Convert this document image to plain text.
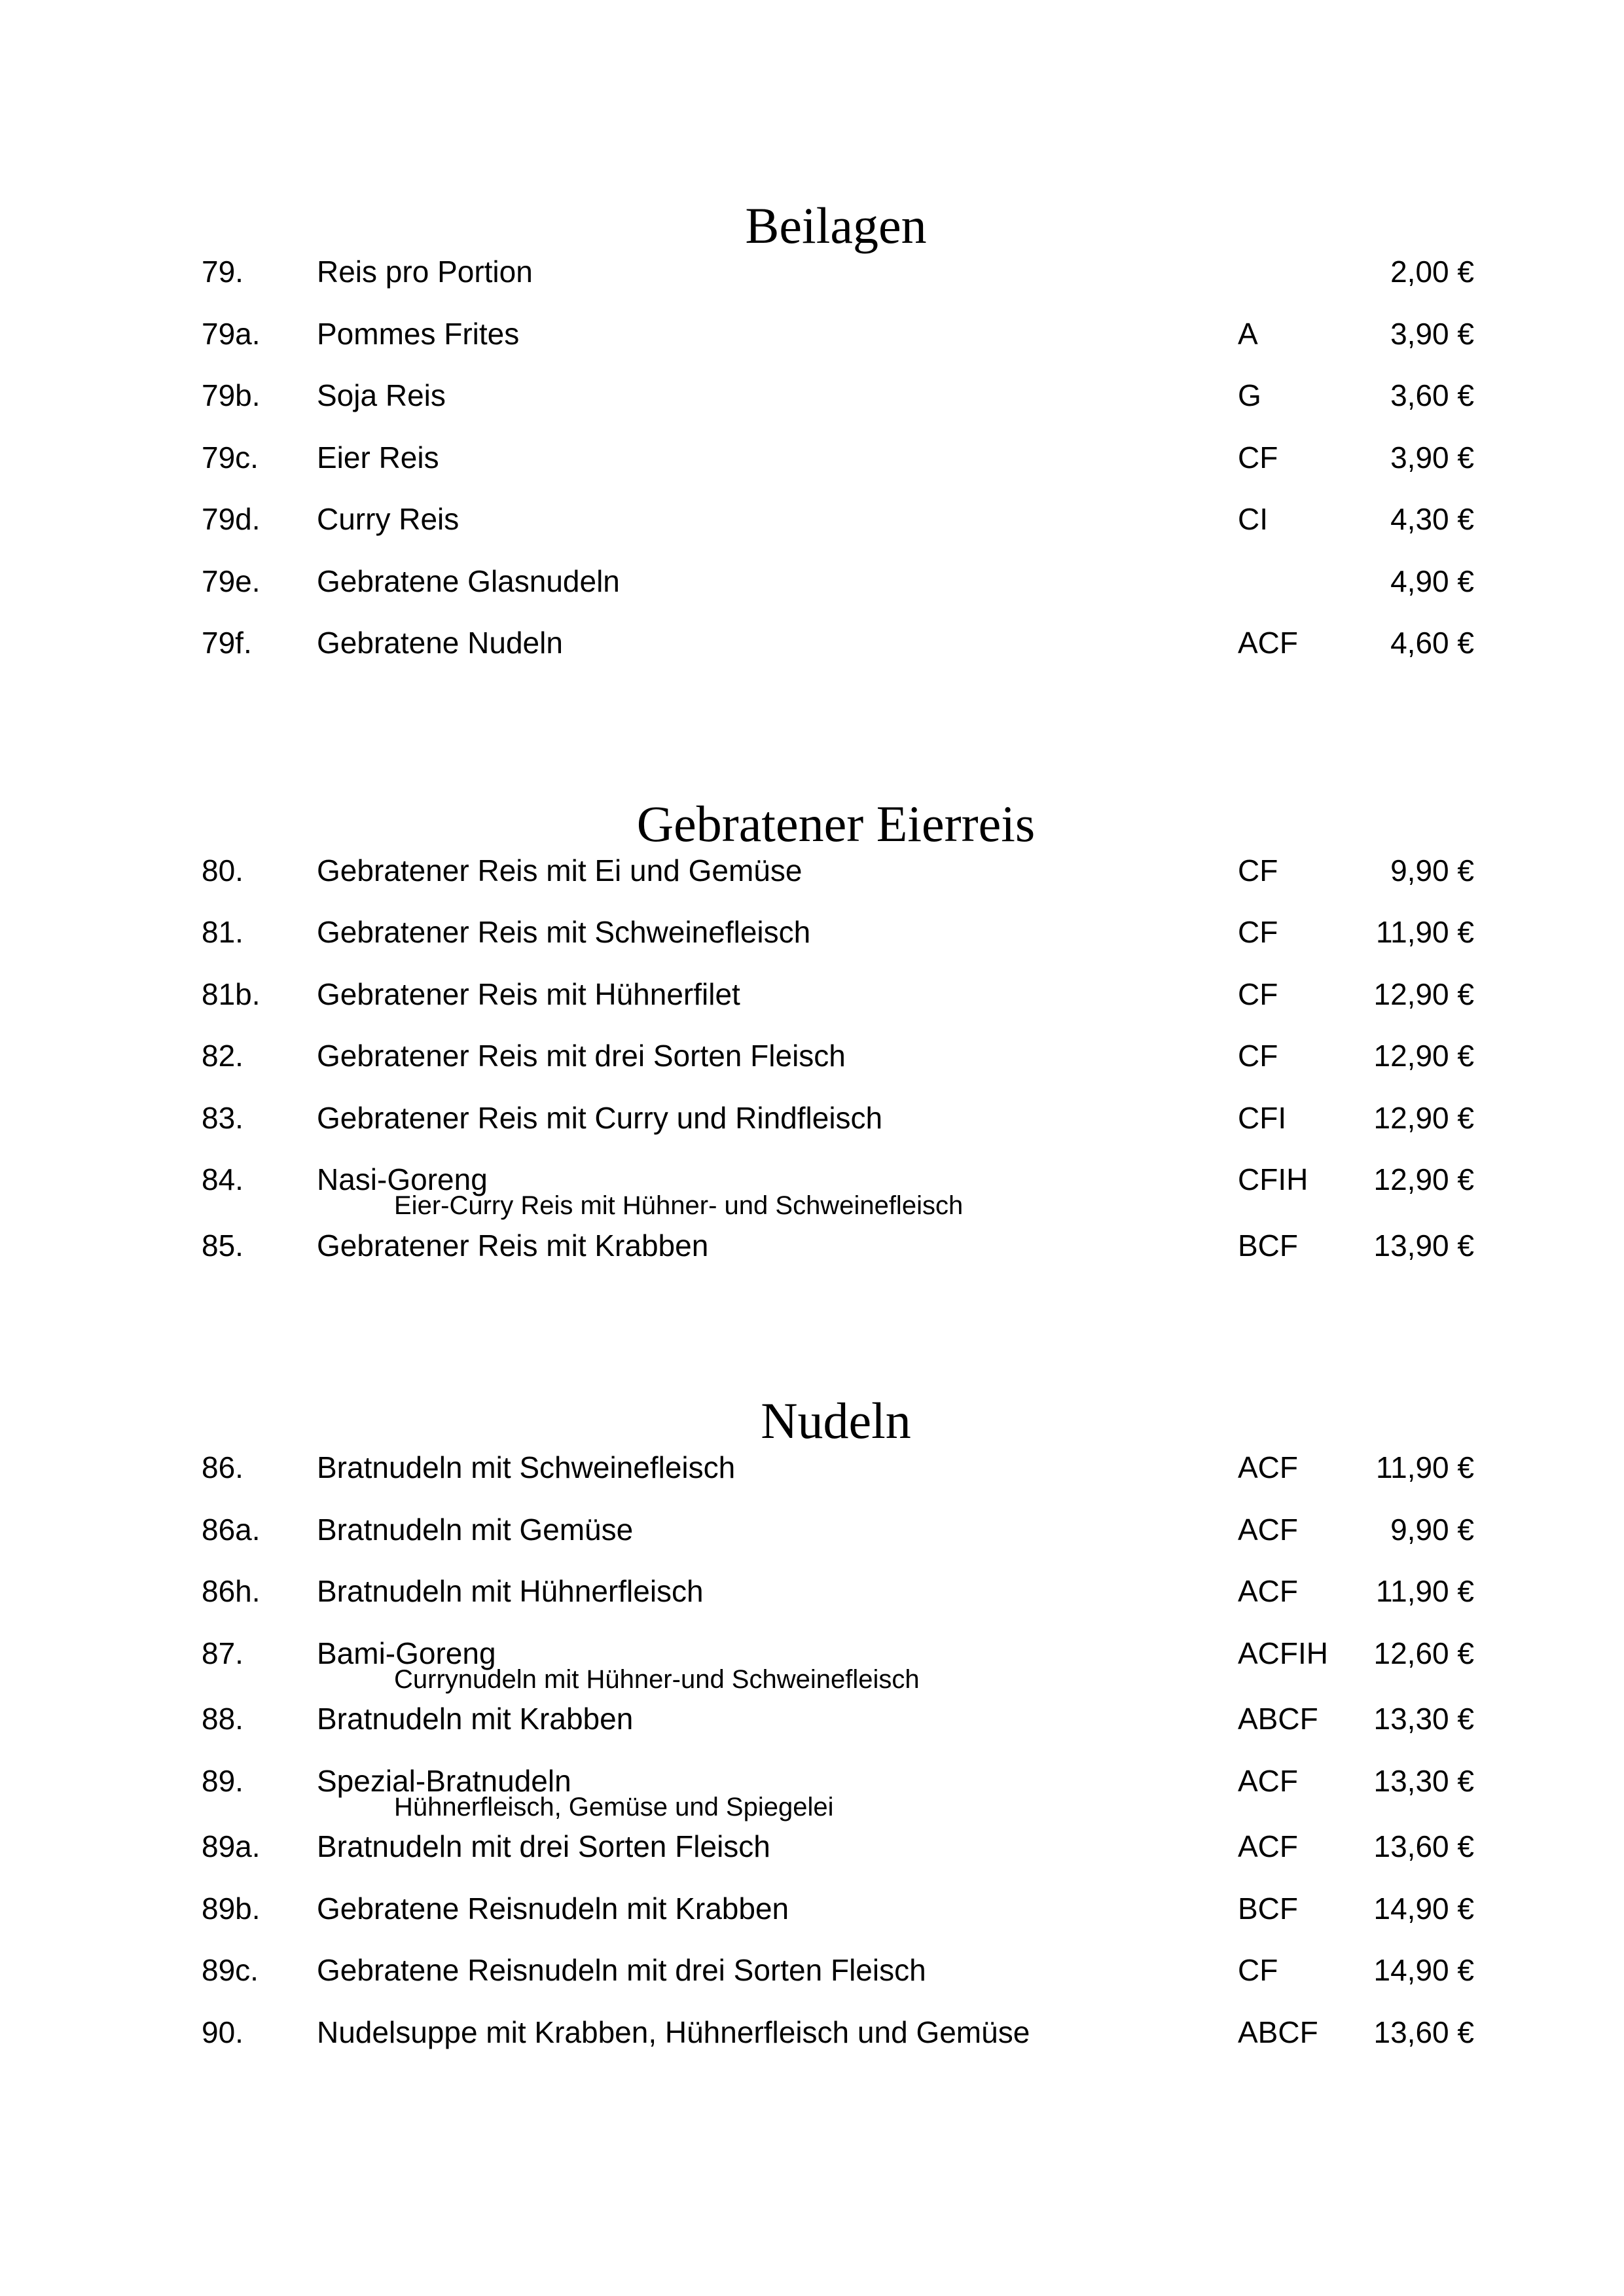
Beilagen
79. Reis pro Portion	2,00 €
79a. Pommes Frites	A	3,90 €
79b. Soja Reis	G	3,60 €
79c. Eier Reis	CF	3,90 €
79d. Curry Reis	CI	4,30 €
79e. Gebratene Glasnudeln	4,90 €
79f. Gebratene Nudeln	ACF	4,60 €
Gebratener Eierreis
80. Gebratener Reis mit Ei und Gemüse	CF	9,90 €
81. Gebratener Reis mit Schweinefleisch	CF	11,90 €
81b. Gebratener Reis mit Hühnerfilet	CF	12,90 €
82. Gebratener Reis mit drei Sorten Fleisch	CF	12,90 €
83. Gebratener Reis mit Curry und Rindfleisch	CFI	12,90 €
84. Nasi-Goreng	CFIH 12,90 €
Eier-Curry Reis mit Hühner- und Schweinefleisch
85. Gebratener Reis mit Krabben	BCF	13,90 €
Nudeln
86. Bratnudeln mit Schweinefleisch	ACF	11,90 €
86a. Bratnudeln mit Gemüse	ACF	9,90 €
86h. Bratnudeln mit Hühnerfleisch	ACF	11,90 €
87. Bami-Goreng	ACFIH 12,60 €
Currynudeln mit Hühner-und Schweinefleisch
88. Bratnudeln mit Krabben	ABCF 13,30 €
89. Spezial-Bratnudeln	ACF	13,30 €
Hühnerfleisch, Gemüse und Spiegelei
89a. Bratnudeln mit drei Sorten Fleisch	ACF	13,60 €
89b. Gebratene Reisnudeln mit Krabben	BCF	14,90 €
89c. Gebratene Reisnudeln mit drei Sorten Fleisch	CF	14,90 €
90. Nudelsuppe mit Krabben, Hühnerfleisch und Gemüse	ABCF 13,60 €
